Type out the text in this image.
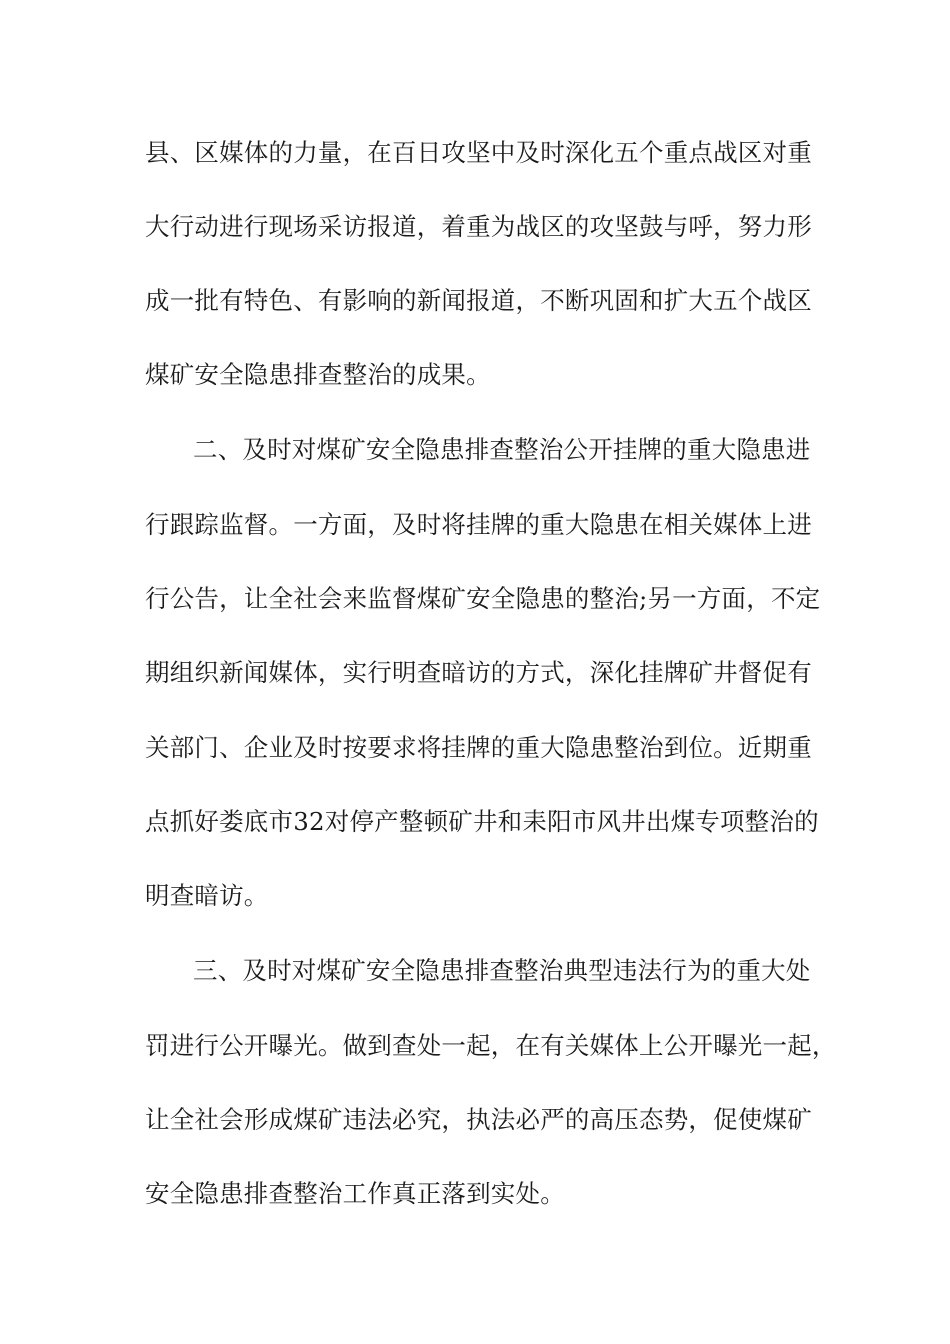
县、区媒体的力量，在百日攻坚中及时深化五个重点战区对重
大行动进行现场采访报道，着重为战区的攻坚鼓与呼，努力形
成一批有特色、有影响的新闻报道，不断巩固和扩大五个战区
煤矿安全隐患排查整治的成果。
二、及时对煤矿安全隐患排查整治公开挂牌的重大隐患进
行跟踪监督。一方面，及时将挂牌的重大隐患在相关媒体上进
行公告，让全社会来监督煤矿安全隐患的整治;另一方面，不定
期组织新闻媒体，实行明查暗访的方式，深化挂牌矿井督促有
关部门、企业及时按要求将挂牌的重大隐患整治到位。近期重
点抓好娄底市32对停产整顿矿井和耒阳市风井出煤专项整治的
明查暗访。
三、及时对煤矿安全隐患排查整治典型违法行为的重大处
罚进行公开曝光。做到查处一起，在有关媒体上公开曝光一起，
让全社会形成煤矿违法必究，执法必严的高压态势，促使煤矿
安全隐患排查整治工作真正落到实处。
